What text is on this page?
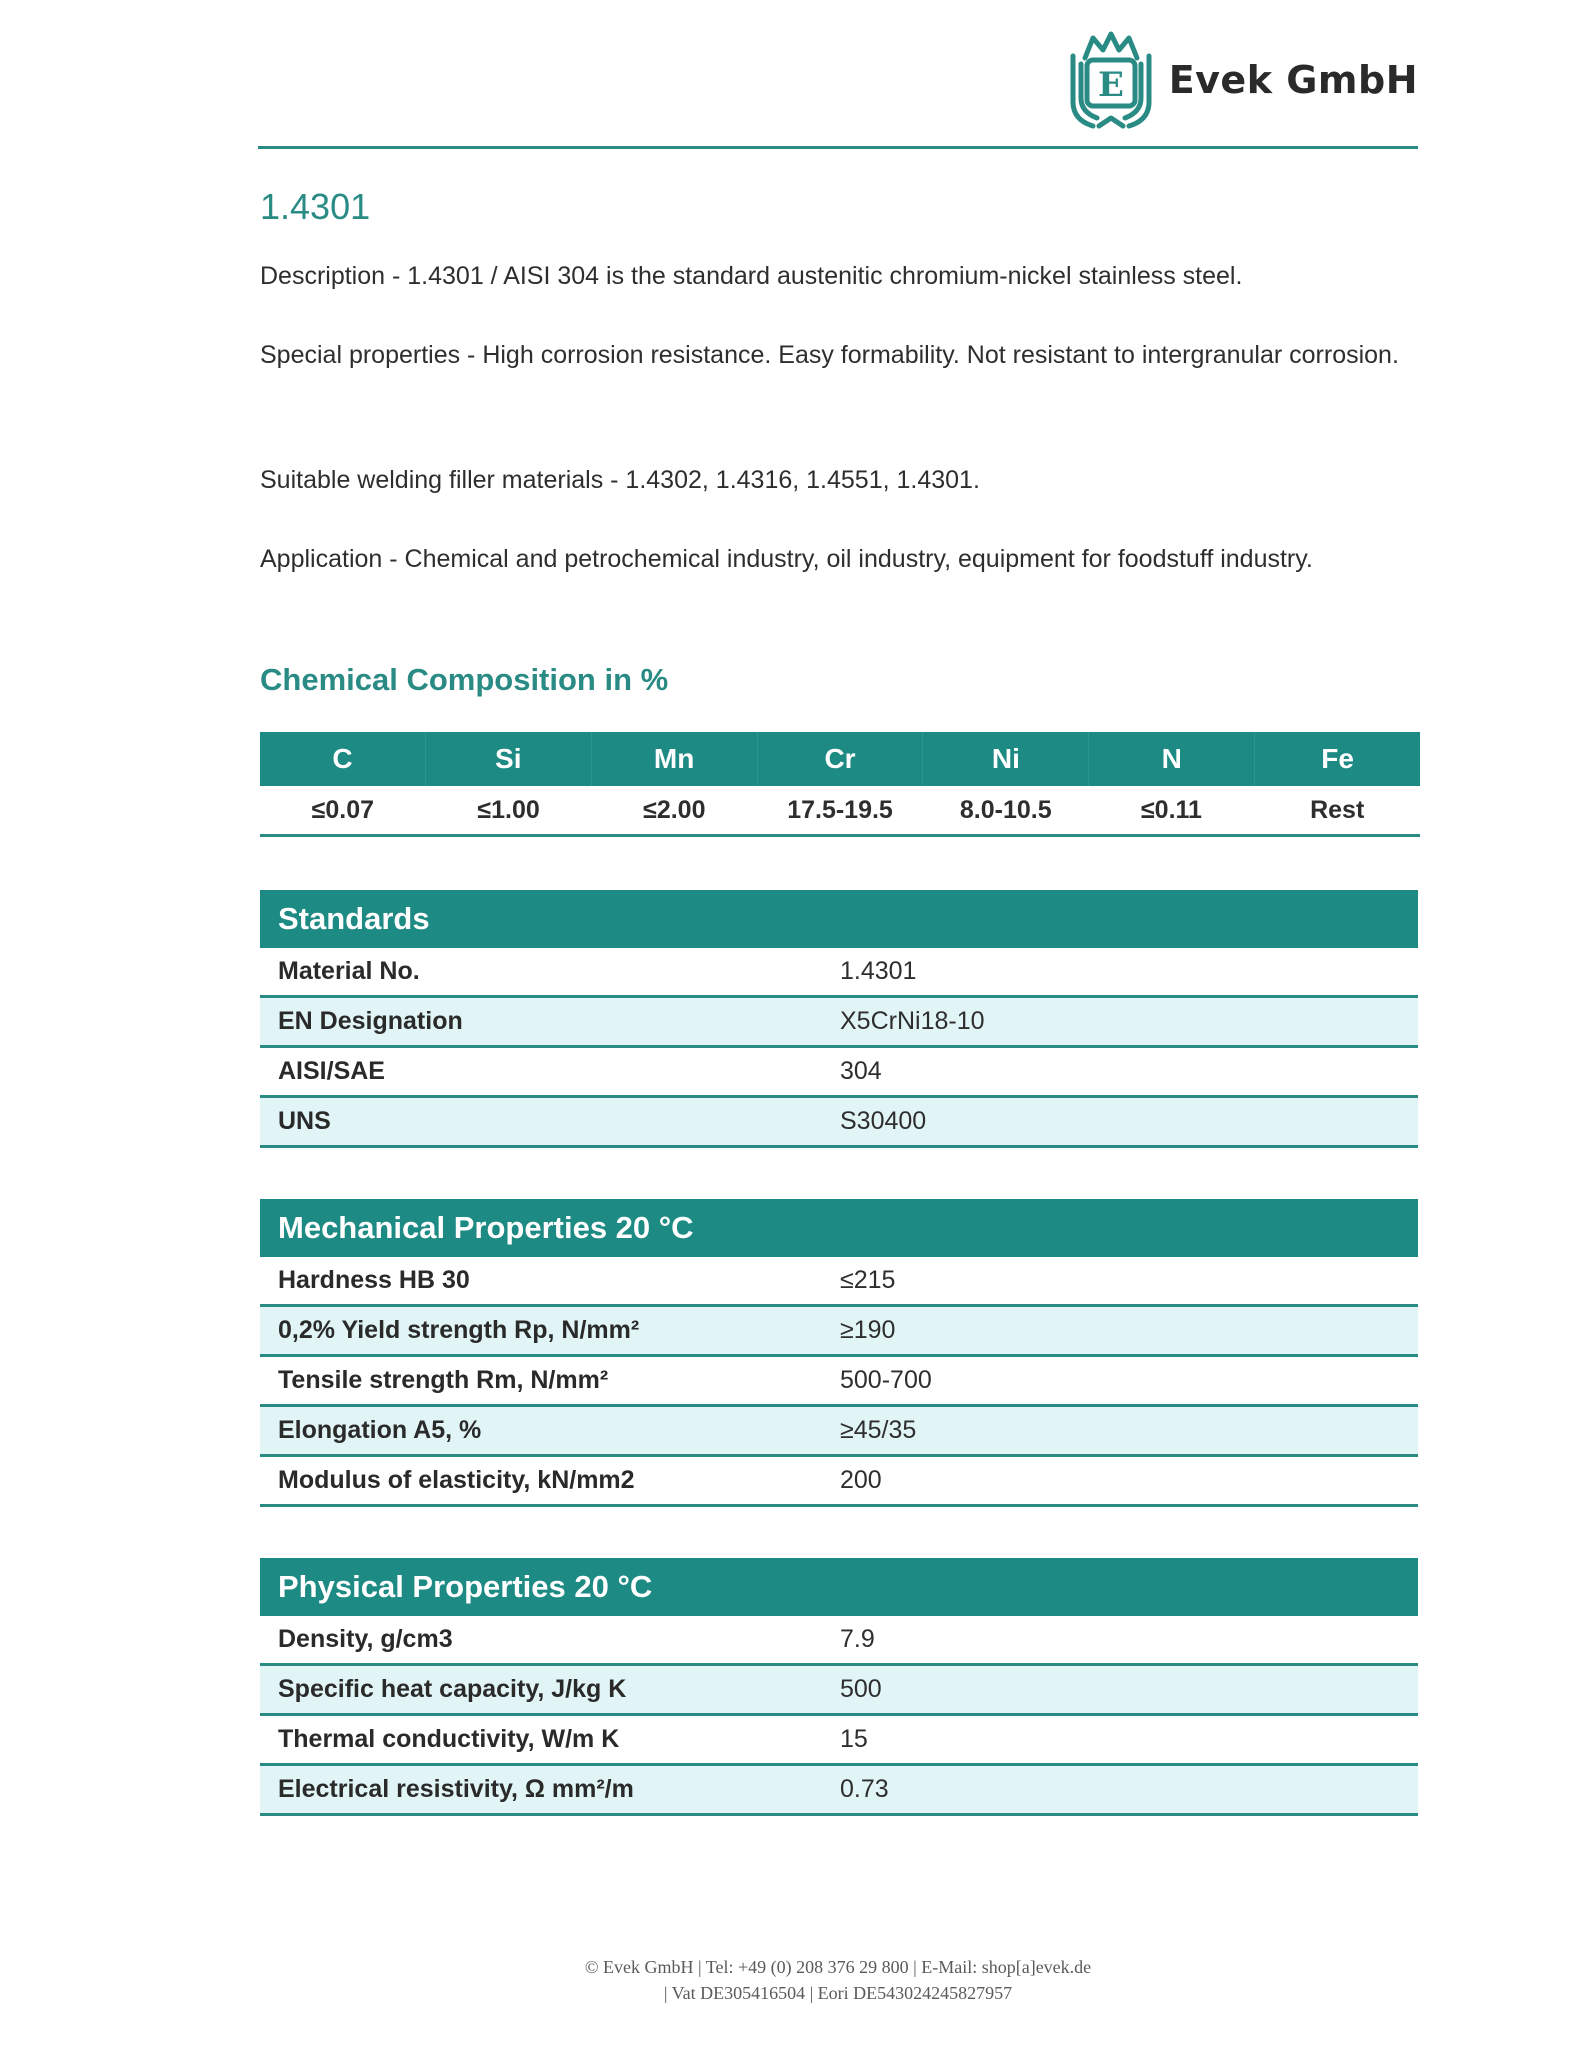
E Evek GmbH
1.4301
Description - 1.4301 / AISI 304 is the standard austenitic chromium-nickel stainless steel.
Special properties - High corrosion resistance. Easy formability. Not resistant to intergranular corrosion.
Suitable welding filler materials - 1.4302, 1.4316, 1.4551, 1.4301.
Application - Chemical and petrochemical industry, oil industry, equipment for foodstuff industry.
Chemical Composition in %
C	Si	Mn	Cr	Ni	N	Fe
≤0.07	≤1.00	≤2.00	17.5-19.5	8.0-10.5	≤0.11	Rest
Standards
Material No.	1.4301
EN Designation	X5CrNi18-10
AISI/SAE	304
UNS	S30400
Mechanical Properties 20 °C
Hardness HB 30	≤215
0,2% Yield strength Rp, N/mm²	≥190
Tensile strength Rm, N/mm²	500-700
Elongation A5, %	≥45/35
Modulus of elasticity, kN/mm2	200
Physical Properties 20 °C
Density, g/cm3	7.9
Specific heat capacity, J/kg K	500
Thermal conductivity, W/m K	15
Electrical resistivity, Ω mm²/m	0.73
© Evek GmbH | Tel: +49 (0) 208 376 29 800 | E-Mail: shop[a]evek.de
| Vat DE305416504 | Eori DE543024245827957
